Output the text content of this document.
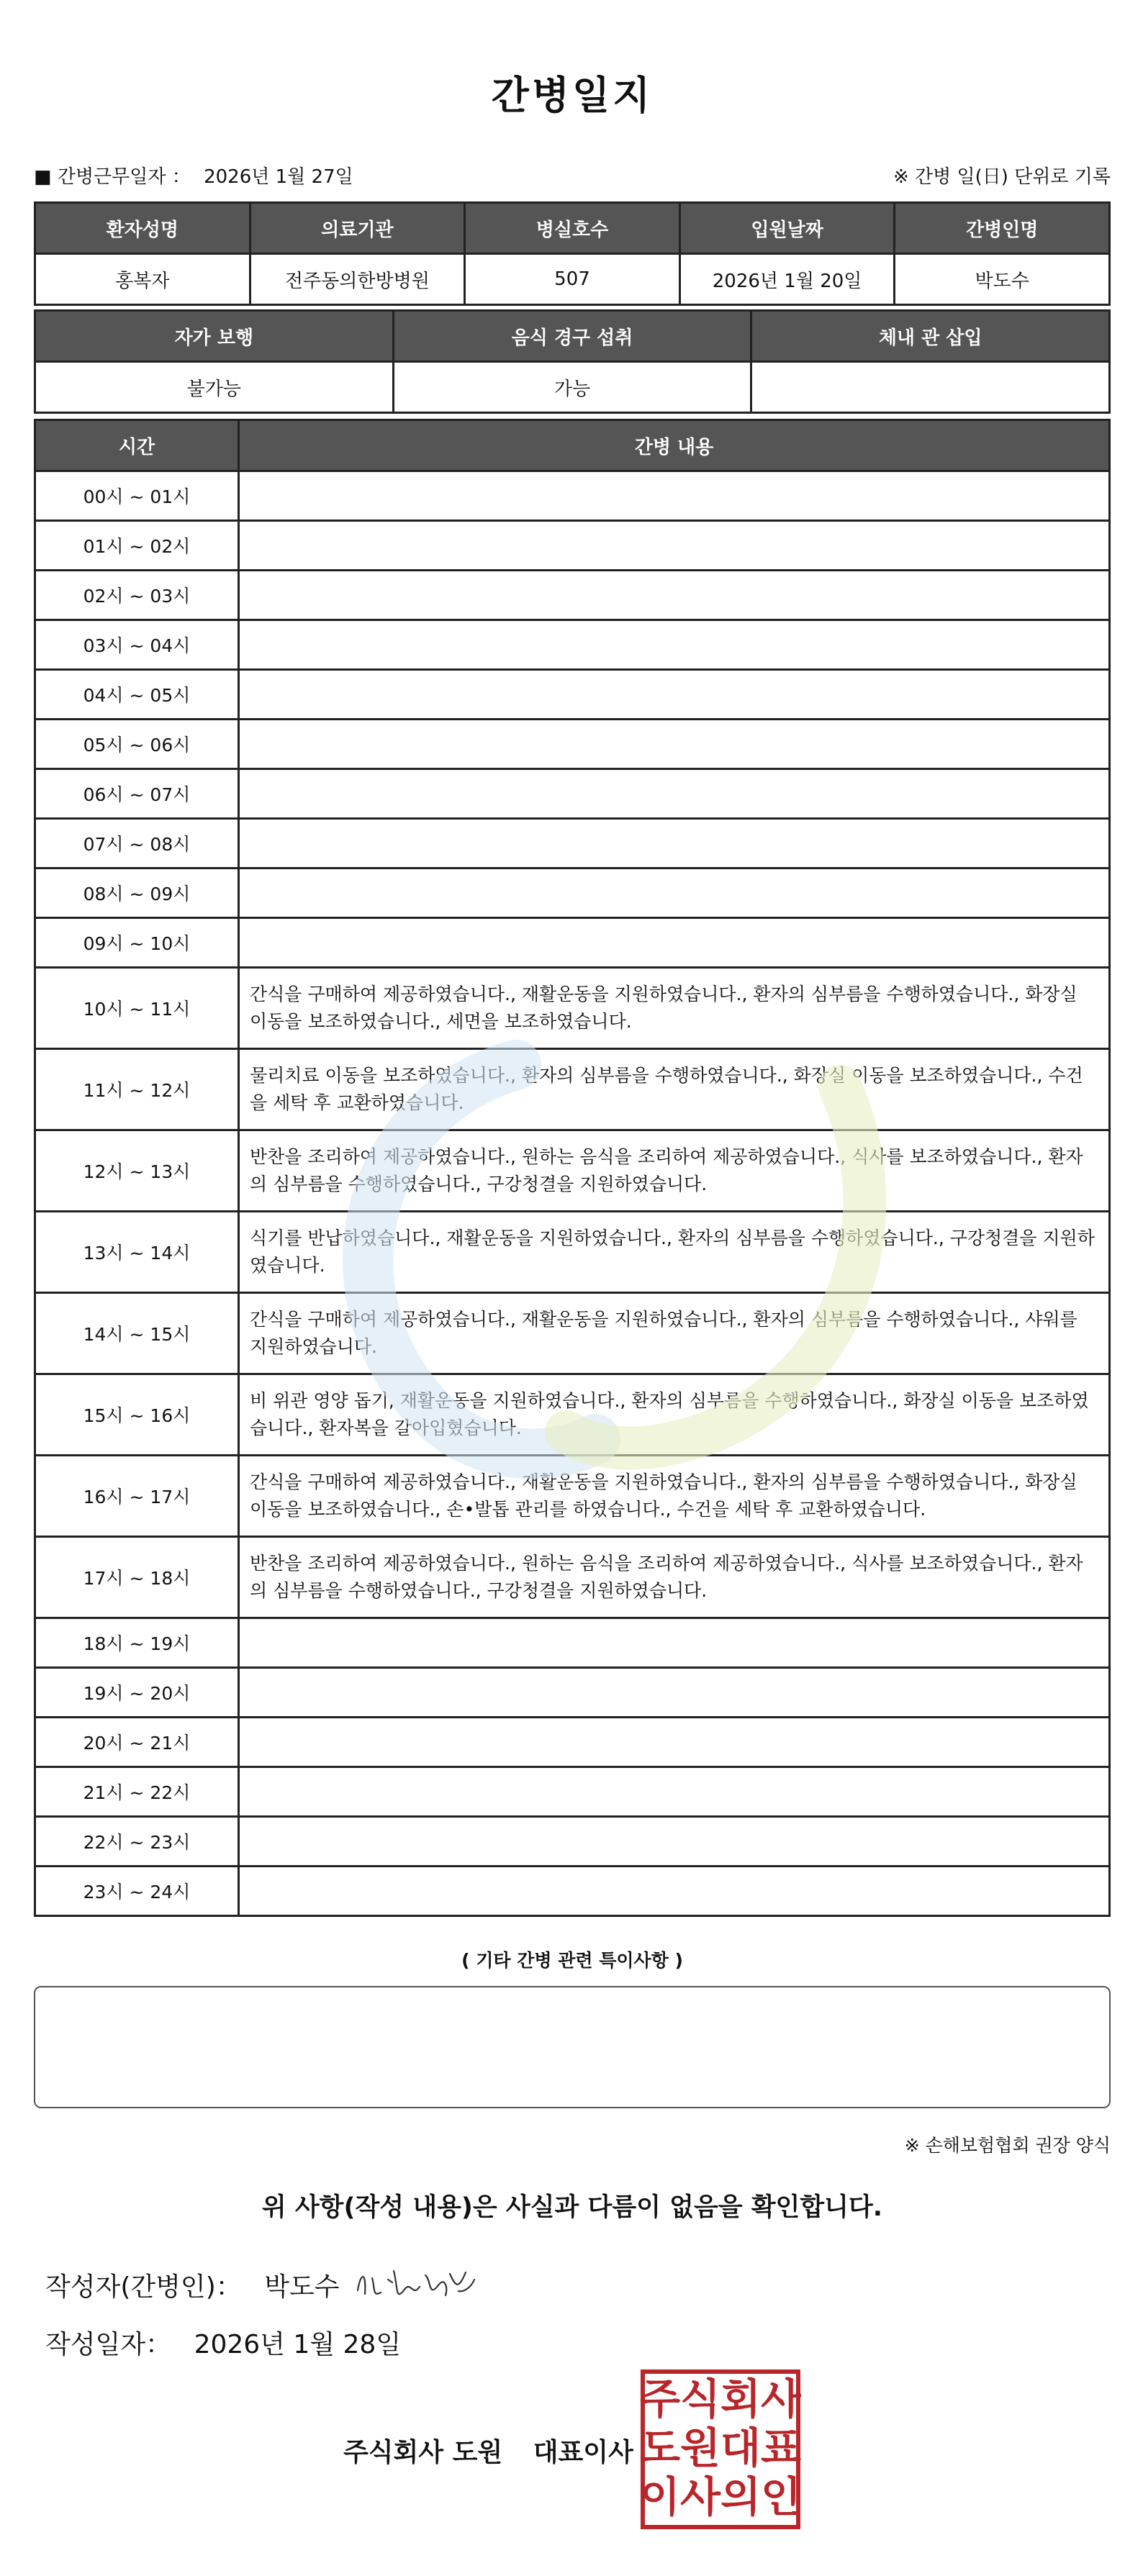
간병일지
■ 간병근무일자 ： 2026년 1월 27일	※ 간병 일(日) 단위로 기록
환자성명	의료기관	병실호수	입원날짜	간병인명
홍복자	전주동의한방병원	507	2026년 1월 20일	박도수
자가 보행	음식 경구 섭취	체내 관 삽입
불가능	가능	
시간	간병 내용
00시 ~ 01시	
01시 ~ 02시	
02시 ~ 03시	
03시 ~ 04시	
04시 ~ 05시	
05시 ~ 06시	
06시 ~ 07시	
07시 ~ 08시	
08시 ~ 09시	
09시 ~ 10시	
10시 ~ 11시	간식을 구매하여 제공하였습니다., 재활운동을 지원하였습니다., 환자의 심부름을 수행하였습니다., 화장실 이동을 보조하였습니다., 세면을 보조하였습니다.
11시 ~ 12시	물리치료 이동을 보조하였습니다., 환자의 심부름을 수행하였습니다., 화장실 이동을 보조하였습니다., 수건을 세탁 후 교환하였습니다.
12시 ~ 13시	반찬을 조리하여 제공하였습니다., 원하는 음식을 조리하여 제공하였습니다., 식사를 보조하였습니다., 환자의 심부름을 수행하였습니다., 구강청결을 지원하였습니다.
13시 ~ 14시	식기를 반납하였습니다., 재활운동을 지원하였습니다., 환자의 심부름을 수행하였습니다., 구강청결을 지원하였습니다.
14시 ~ 15시	간식을 구매하여 제공하였습니다., 재활운동을 지원하였습니다., 환자의 심부름을 수행하였습니다., 샤워를 지원하였습니다.
15시 ~ 16시	비 위관 영양 돕기, 재활운동을 지원하였습니다., 환자의 심부름을 수행하였습니다., 화장실 이동을 보조하였습니다., 환자복을 갈아입혔습니다.
16시 ~ 17시	간식을 구매하여 제공하였습니다., 재활운동을 지원하였습니다., 환자의 심부름을 수행하였습니다., 화장실 이동을 보조하였습니다., 손•발톱 관리를 하였습니다., 수건을 세탁 후 교환하였습니다.
17시 ~ 18시	반찬을 조리하여 제공하였습니다., 원하는 음식을 조리하여 제공하였습니다., 식사를 보조하였습니다., 환자의 심부름을 수행하였습니다., 구강청결을 지원하였습니다.
18시 ~ 19시	
19시 ~ 20시	
20시 ~ 21시	
21시 ~ 22시	
22시 ~ 23시	
23시 ~ 24시	
( 기타 간병 관련 특이사항 )
※ 손해보험협회 권장 양식
위 사항(작성 내용)은 사실과 다름이 없음을 확인합니다.
작성자(간병인)： 박도수
작성일자： 2026년 1월 28일
주식회사 도원 대표이사
주 식 회 사
도 원 대 표
이 사 의 인
